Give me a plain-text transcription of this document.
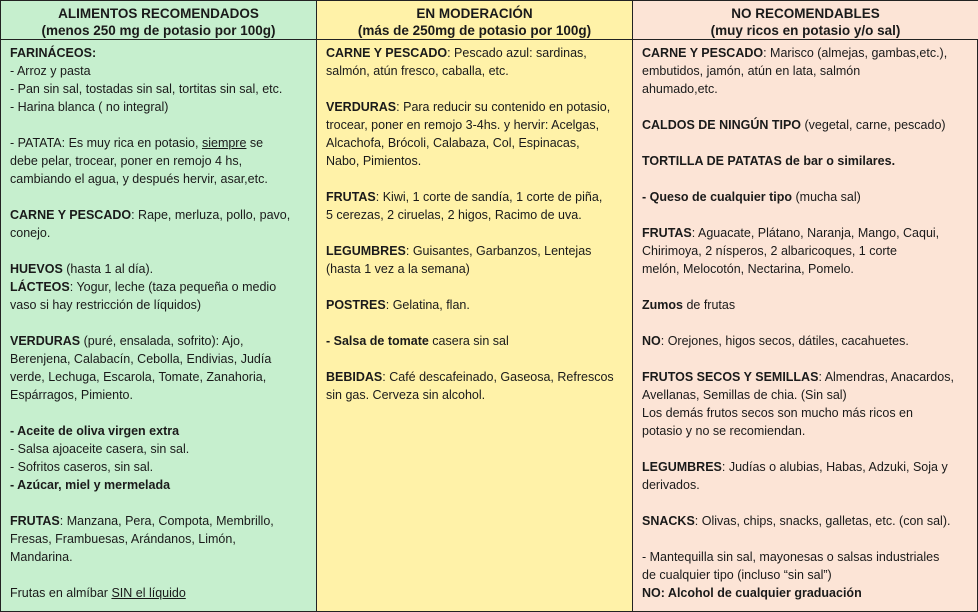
ALIMENTOS RECOMENDADOS
(menos 250 mg de potasio por 100g)
EN MODERACIÓN
(más de 250mg de potasio por 100g)
NO RECOMENDABLES
(muy ricos en potasio y/o sal)

FARINÁCEOS:

- Arroz y pasta

- Pan sin sal, tostadas sin sal, tortitas sin sal, etc.

- Harina blanca ( no integral)

- PATATA: Es muy rica en potasio, siempre se

debe pelar, trocear, poner en remojo 4 hs,

cambiando el agua, y después hervir, asar,etc.

CARNE Y PESCADO: Rape, merluza, pollo, pavo,

conejo.

HUEVOS (hasta 1 al día).

LÁCTEOS: Yogur, leche (taza pequeña o medio

vaso si hay restricción de líquidos)

VERDURAS (puré, ensalada, sofrito): Ajo,

Berenjena, Calabacín, Cebolla, Endivias, Judía

verde, Lechuga, Escarola, Tomate, Zanahoria,

Espárragos, Pimiento.

- Aceite de oliva virgen extra

- Salsa ajoaceite casera, sin sal.

- Sofritos caseros, sin sal.

- Azúcar, miel y mermelada

FRUTAS: Manzana, Pera, Compota, Membrillo,

Fresas, Frambuesas, Arándanos, Limón,

Mandarina.

Frutas en almíbar SIN el líquido

CARNE Y PESCADO: Pescado azul: sardinas,

salmón, atún fresco, caballa, etc.

VERDURAS: Para reducir su contenido en potasio,

trocear, poner en remojo 3-4hs. y hervir: Acelgas,

Alcachofa, Brócoli, Calabaza, Col, Espinacas,

Nabo, Pimientos.

FRUTAS: Kiwi, 1 corte de sandía, 1 corte de piña,

5 cerezas, 2 ciruelas, 2 higos, Racimo de uva.

LEGUMBRES: Guisantes, Garbanzos, Lentejas

(hasta 1 vez a la semana)

POSTRES: Gelatina, flan.

- Salsa de tomate casera sin sal

BEBIDAS: Café descafeinado, Gaseosa, Refrescos

sin gas. Cerveza sin alcohol.

CARNE Y PESCADO: Marisco (almejas, gambas,etc.),

embutidos, jamón, atún en lata, salmón

ahumado,etc.

CALDOS DE NINGÚN TIPO (vegetal, carne, pescado)

TORTILLA DE PATATAS de bar o similares.

- Queso de cualquier tipo (mucha sal)

FRUTAS: Aguacate, Plátano, Naranja, Mango, Caqui,

Chirimoya, 2 nísperos, 2 albaricoques, 1 corte

melón, Melocotón, Nectarina, Pomelo.

Zumos de frutas

NO: Orejones, higos secos, dátiles, cacahuetes.

FRUTOS SECOS Y SEMILLAS: Almendras, Anacardos,

Avellanas, Semillas de chia. (Sin sal)

Los demás frutos secos son mucho más ricos en

potasio y no se recomiendan.

LEGUMBRES: Judías o alubias, Habas, Adzuki, Soja y

derivados.

SNACKS: Olivas, chips, snacks, galletas, etc. (con sal).

- Mantequilla sin sal, mayonesas o salsas industriales

de cualquier tipo (incluso “sin sal”)

NO: Alcohol de cualquier graduación
